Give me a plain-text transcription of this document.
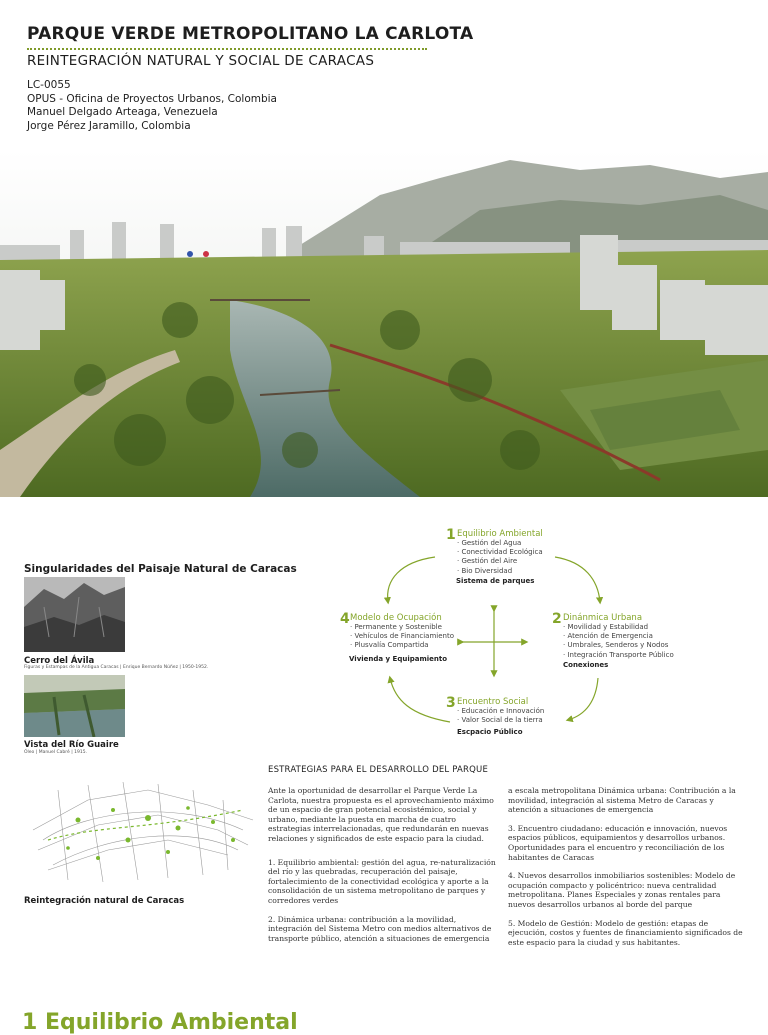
PARQUE VERDE METROPOLITANO LA CARLOTA
REINTEGRACIÓN NATURAL Y SOCIAL DE CARACAS
LC-0055
OPUS - Oficina de Proyectos Urbanos, Colombia
Manuel Delgado Arteaga, Venezuela
Jorge Pérez Jaramillo, Colombia
Singularidades del Paisaje Natural de Caracas
Cerro del Ávila
Figuras y Estampas de la Antigua Caracas | Enrique Bernardo Núñez | 1950-1952.
Vista del Río Guaire
Óleo | Manuel Cabré | 1915.
1 Equilibrio Ambiental
· Gestión del Agua
· Conectividad Ecológica
· Gestión del Aire
· Bio Diversidad
Sistema de parques
2 Dinánmica Urbana
· Movilidad y Estabilidad
· Atención de Emergencia
· Umbrales, Senderos y Nodos
· Integración Transporte Público
Conexiones
3 Encuentro Social
· Educación e Innovación
· Valor Social de la tierra
Escpacio Público
4 Modelo de Ocupación
· Permanente y Sostenible
· Vehículos de Financiamiento
· Plusvalía Compartida
Vivienda y Equipamiento
Reintegración natural de Caracas
ESTRATEGIAS PARA EL DESARROLLO DEL PARQUE

Ante la oportunidad de desarrollar el Parque Verde La Carlota, nuestra propuesta es el aprovechamiento máximo de un espacio de gran potencial ecosistémico, social y urbano, mediante la puesta en marcha de cuatro estrategias interrelacionadas, que redundarán en nuevas relaciones y significados de este espacio para la ciudad.

1. Equilibrio ambiental: gestión del agua, re-naturalización del río y las quebradas, recuperación del paisaje, fortalecimiento de la conectividad ecológica y aporte a la consolidación de un sistema metropolitano de parques y corredores verdes

2. Dinámica urbana: contribución a la movilidad, integración del Sistema Metro con medios alternativos de transporte público, atención a situaciones de emergencia

a escala metropolitana Dinámica urbana: Contribución a la movilidad, integración al sistema Metro de Caracas y atención a situaciones de emergencia

3. Encuentro ciudadano: educación e innovación, nuevos espacios públicos, equipamientos y desarrollos urbanos. Oportunidades para el encuentro y reconciliación de los habitantes de Caracas

4. Nuevos desarrollos inmobiliarios sostenibles: Modelo de ocupación compacto y policéntrico: nueva centralidad metropolitana. Planes Especiales y zonas rentales para nuevos desarrollos urbanos al borde del parque

5. Modelo de Gestión: Modelo de gestión: etapas de ejecución, costos y fuentes de financiamiento significados de este espacio para la ciudad y sus habitantes.

1 Equilibrio Ambiental
